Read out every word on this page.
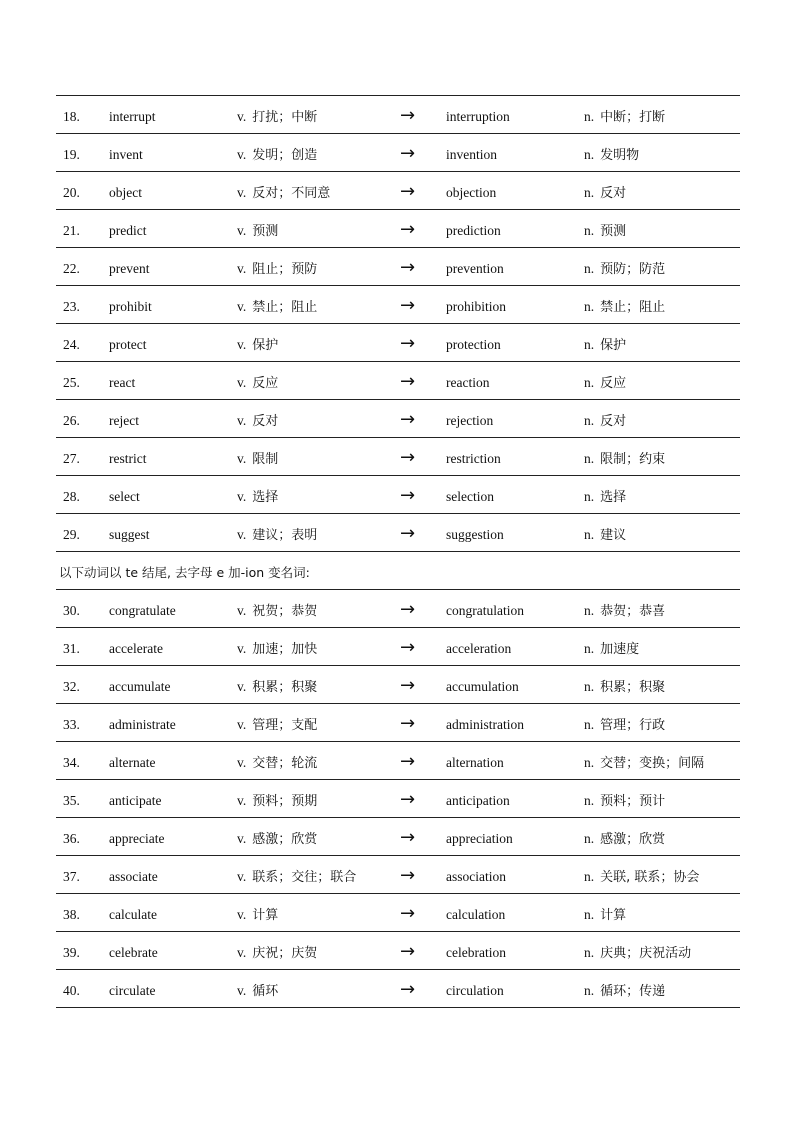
18. interrupt	v. 打扰；中断	→ interruption	n. 中断；打断
19. invent	v. 发明；创造	→ invention	n. 发明物
20. object	v. 反对；不同意	→ objection	n. 反对
21. predict	v. 预测	→ prediction	n. 预测
22. prevent	v. 阻止；预防	→ prevention	n. 预防；防范
23. prohibit	v. 禁止；阻止	→ prohibition	n. 禁止；阻止
24. protect	v. 保护	→ protection	n. 保护
25. react	v. 反应	→ reaction	n. 反应
26. reject	v. 反对	→ rejection	n. 反对
27. restrict	v. 限制	→ restriction	n. 限制；约束
28. select	v. 选择	→ selection	n. 选择
29. suggest	v. 建议；表明	→ suggestion	n. 建议
以下动词以 te 结尾, 去字母 e 加-ion 变名词:
30. congratulate	v. 祝贺；恭贺	→ congratulation	n. 恭贺；恭喜
31. accelerate	v. 加速；加快	→ acceleration	n. 加速度
32. accumulate	v. 积累；积聚	→ accumulation	n. 积累；积聚
33. administrate	v. 管理；支配	→ administration	n. 管理；行政
34. alternate	v. 交替；轮流	→ alternation	n. 交替；变换；间隔
35. anticipate	v. 预料；预期	→ anticipation	n. 预料；预计
36. appreciate	v. 感激；欣赏	→ appreciation	n. 感激；欣赏
37. associate	v. 联系；交往；联合 → association	n. 关联, 联系；协会
38. calculate	v. 计算	→ calculation	n. 计算
39. celebrate	v. 庆祝；庆贺	→ celebration	n. 庆典；庆祝活动
40. circulate	v. 循环	→ circulation	n. 循环；传递
